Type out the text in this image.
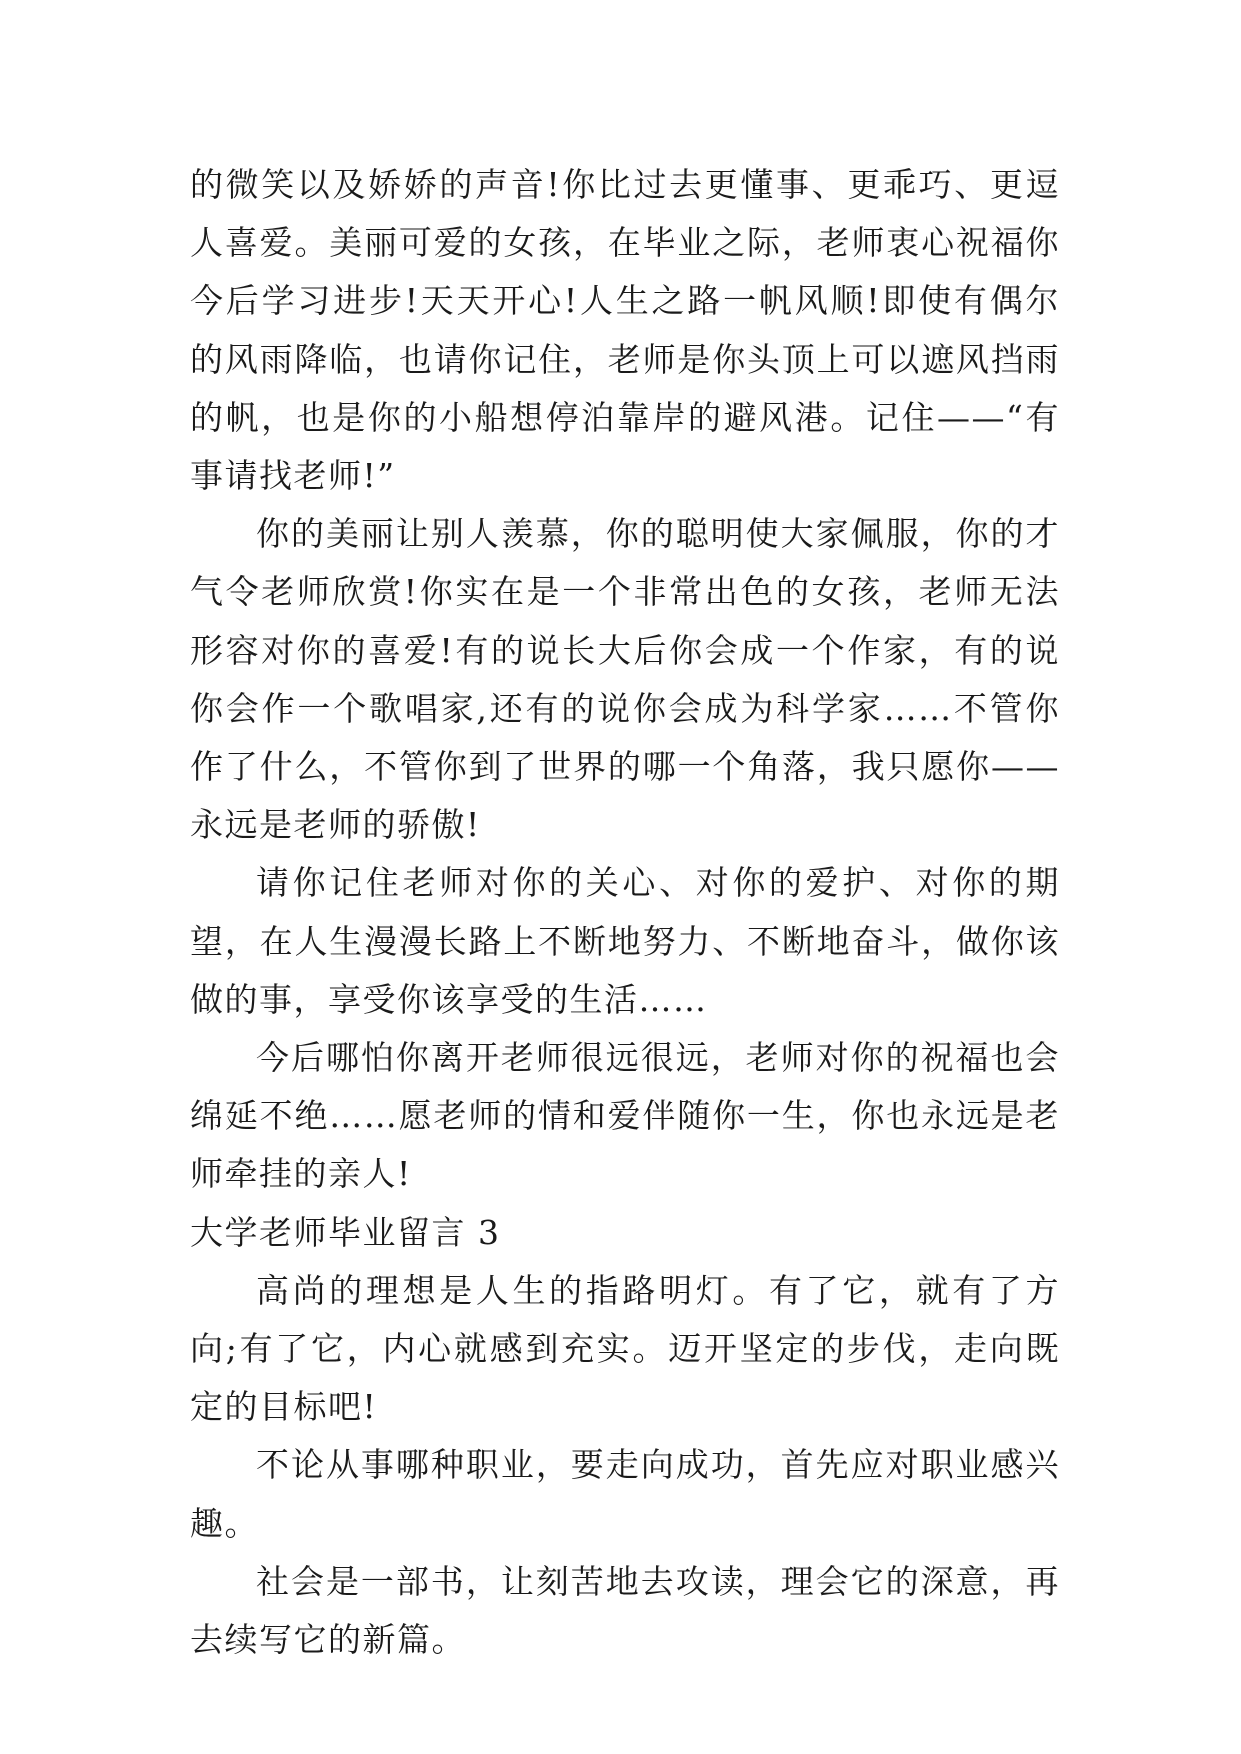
的微笑以及娇娇的声音!你比过去更懂事、更乖巧、更逗人喜爱。美丽可爱的女孩，在毕业之际，老师衷心祝福你今后学习进步!天天开心!人生之路一帆风顺!即使有偶尔的风雨降临，也请你记住，老师是你头顶上可以遮风挡雨的帆，也是你的小船想停泊靠岸的避风港。记住——“有事请找老师!”

你的美丽让别人羡慕，你的聪明使大家佩服，你的才气令老师欣赏!你实在是一个非常出色的女孩，老师无法形容对你的喜爱!有的说长大后你会成一个作家，有的说你会作一个歌唱家,还有的说你会成为科学家……不管你作了什么，不管你到了世界的哪一个角落，我只愿你——永远是老师的骄傲!

请你记住老师对你的关心、对你的爱护、对你的期望，在人生漫漫长路上不断地努力、不断地奋斗，做你该做的事，享受你该享受的生活……

今后哪怕你离开老师很远很远，老师对你的祝福也会绵延不绝……愿老师的情和爱伴随你一生，你也永远是老师牵挂的亲人!

大学老师毕业留言 3

高尚的理想是人生的指路明灯。有了它，就有了方向;有了它，内心就感到充实。迈开坚定的步伐，走向既定的目标吧!

不论从事哪种职业，要走向成功，首先应对职业感兴趣。

社会是一部书，让刻苦地去攻读，理会它的深意，再去续写它的新篇。
